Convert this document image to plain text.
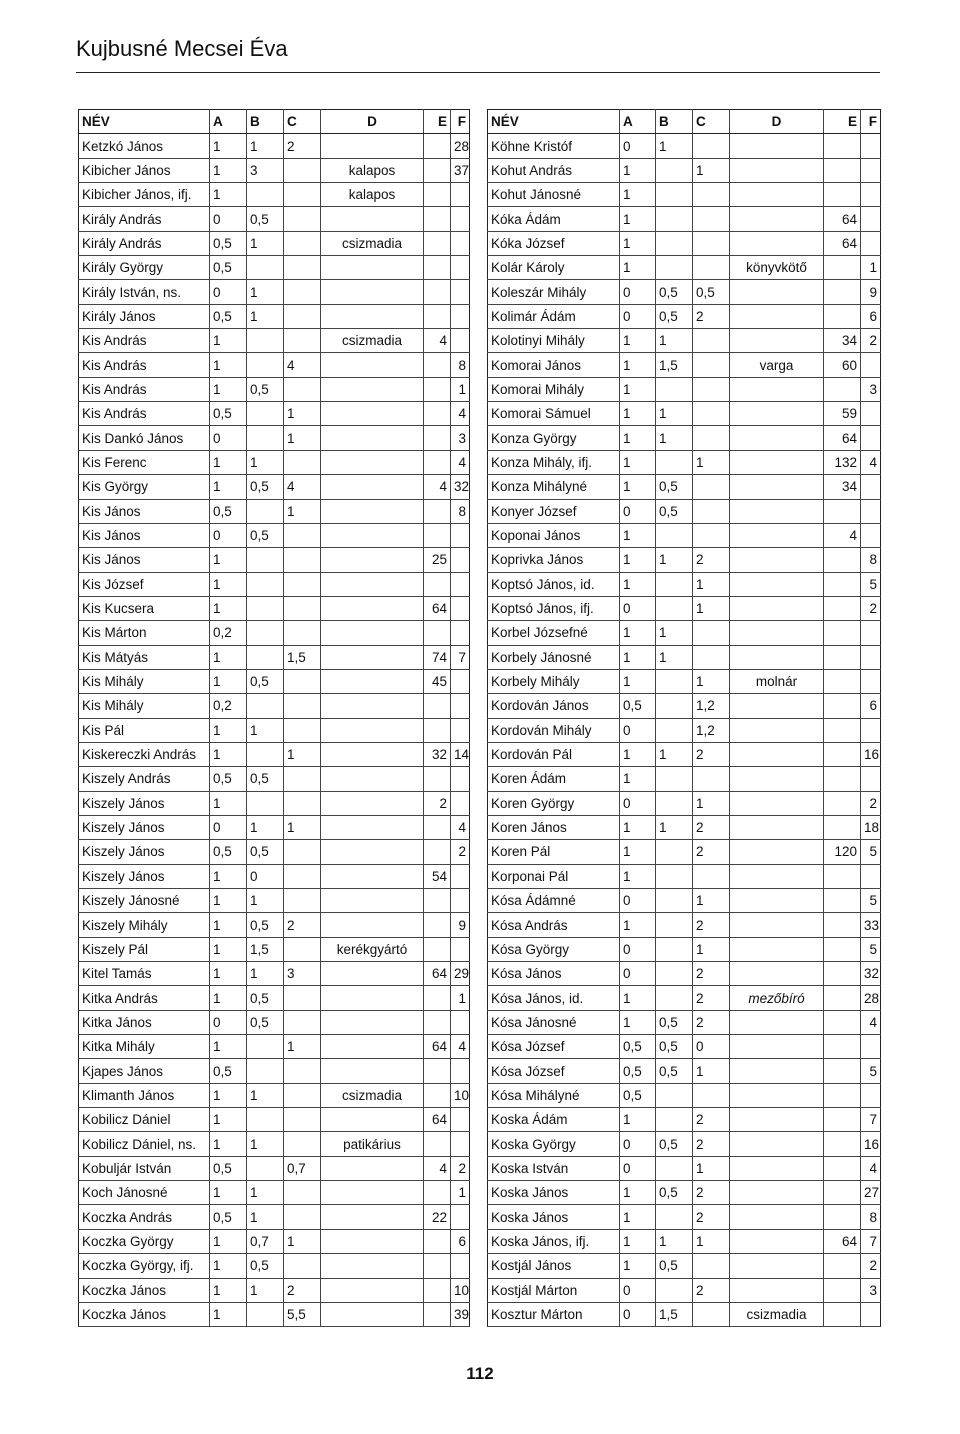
Kujbusné Mecsei Éva
NÉV	A	B	C	D	E	F
Ketzkó János	1	1	2			28
Kibicher János	1	3		kalapos		37
Kibicher János, ifj.	1			kalapos		
Király András	0	0,5				
Király András	0,5	1		csizmadia		
Király György	0,5					
Király István, ns.	0	1				
Király János	0,5	1				
Kis András	1			csizmadia	4	
Kis András	1		4			8
Kis András	1	0,5				1
Kis András	0,5		1			4
Kis Dankó János	0		1			3
Kis Ferenc	1	1				4
Kis György	1	0,5	4		4	32
Kis János	0,5		1			8
Kis János	0	0,5				
Kis János	1				25	
Kis József	1					
Kis Kucsera	1				64	
Kis Márton	0,2					
Kis Mátyás	1		1,5		74	7
Kis Mihály	1	0,5			45	
Kis Mihály	0,2					
Kis Pál	1	1				
Kiskereczki András	1		1		32	14
Kiszely András	0,5	0,5				
Kiszely János	1				2	
Kiszely János	0	1	1			4
Kiszely János	0,5	0,5				2
Kiszely János	1	0			54	
Kiszely Jánosné	1	1				
Kiszely Mihály	1	0,5	2			9
Kiszely Pál	1	1,5		kerékgyártó		
Kitel Tamás	1	1	3		64	29
Kitka András	1	0,5				1
Kitka János	0	0,5				
Kitka Mihály	1		1		64	4
Kjapes János	0,5					
Klimanth János	1	1		csizmadia		10
Kobilicz Dániel	1				64	
Kobilicz Dániel, ns.	1	1		patikárius		
Kobuljár István	0,5		0,7		4	2
Koch Jánosné	1	1				1
Koczka András	0,5	1			22	
Koczka György	1	0,7	1			6
Koczka György, ifj.	1	0,5				
Koczka János	1	1	2			10
Koczka János	1		5,5			39
NÉV	A	B	C	D	E	F
Köhne Kristóf	0	1				
Kohut András	1		1			
Kohut Jánosné	1					
Kóka Ádám	1				64	
Kóka József	1				64	
Kolár Károly	1			könyvkötő		1
Koleszár Mihály	0	0,5	0,5			9
Kolimár Ádám	0	0,5	2			6
Kolotinyi Mihály	1	1			34	2
Komorai János	1	1,5		varga	60	
Komorai Mihály	1					3
Komorai Sámuel	1	1			59	
Konza György	1	1			64	
Konza Mihály, ifj.	1		1		132	4
Konza Mihályné	1	0,5			34	
Konyer József	0	0,5				
Koponai János	1				4	
Koprivka János	1	1	2			8
Koptsó János, id.	1		1			5
Koptsó János, ifj.	0		1			2
Korbel Józsefné	1	1				
Korbely Jánosné	1	1				
Korbely Mihály	1		1	molnár		
Kordován János	0,5		1,2			6
Kordován Mihály	0		1,2			
Kordován Pál	1	1	2			16
Koren Ádám	1					
Koren György	0		1			2
Koren János	1	1	2			18
Koren Pál	1		2		120	5
Korponai Pál	1					
Kósa Ádámné	0		1			5
Kósa András	1		2			33
Kósa György	0		1			5
Kósa János	0		2			32
Kósa János, id.	1		2	mezőbíró		28
Kósa Jánosné	1	0,5	2			4
Kósa József	0,5	0,5	0			
Kósa József	0,5	0,5	1			5
Kósa Mihályné	0,5					
Koska Ádám	1		2			7
Koska György	0	0,5	2			16
Koska István	0		1			4
Koska János	1	0,5	2			27
Koska János	1		2			8
Koska János, ifj.	1	1	1		64	7
Kostjál János	1	0,5				2
Kostjál Márton	0		2			3
Kosztur Márton	0	1,5		csizmadia		
112
